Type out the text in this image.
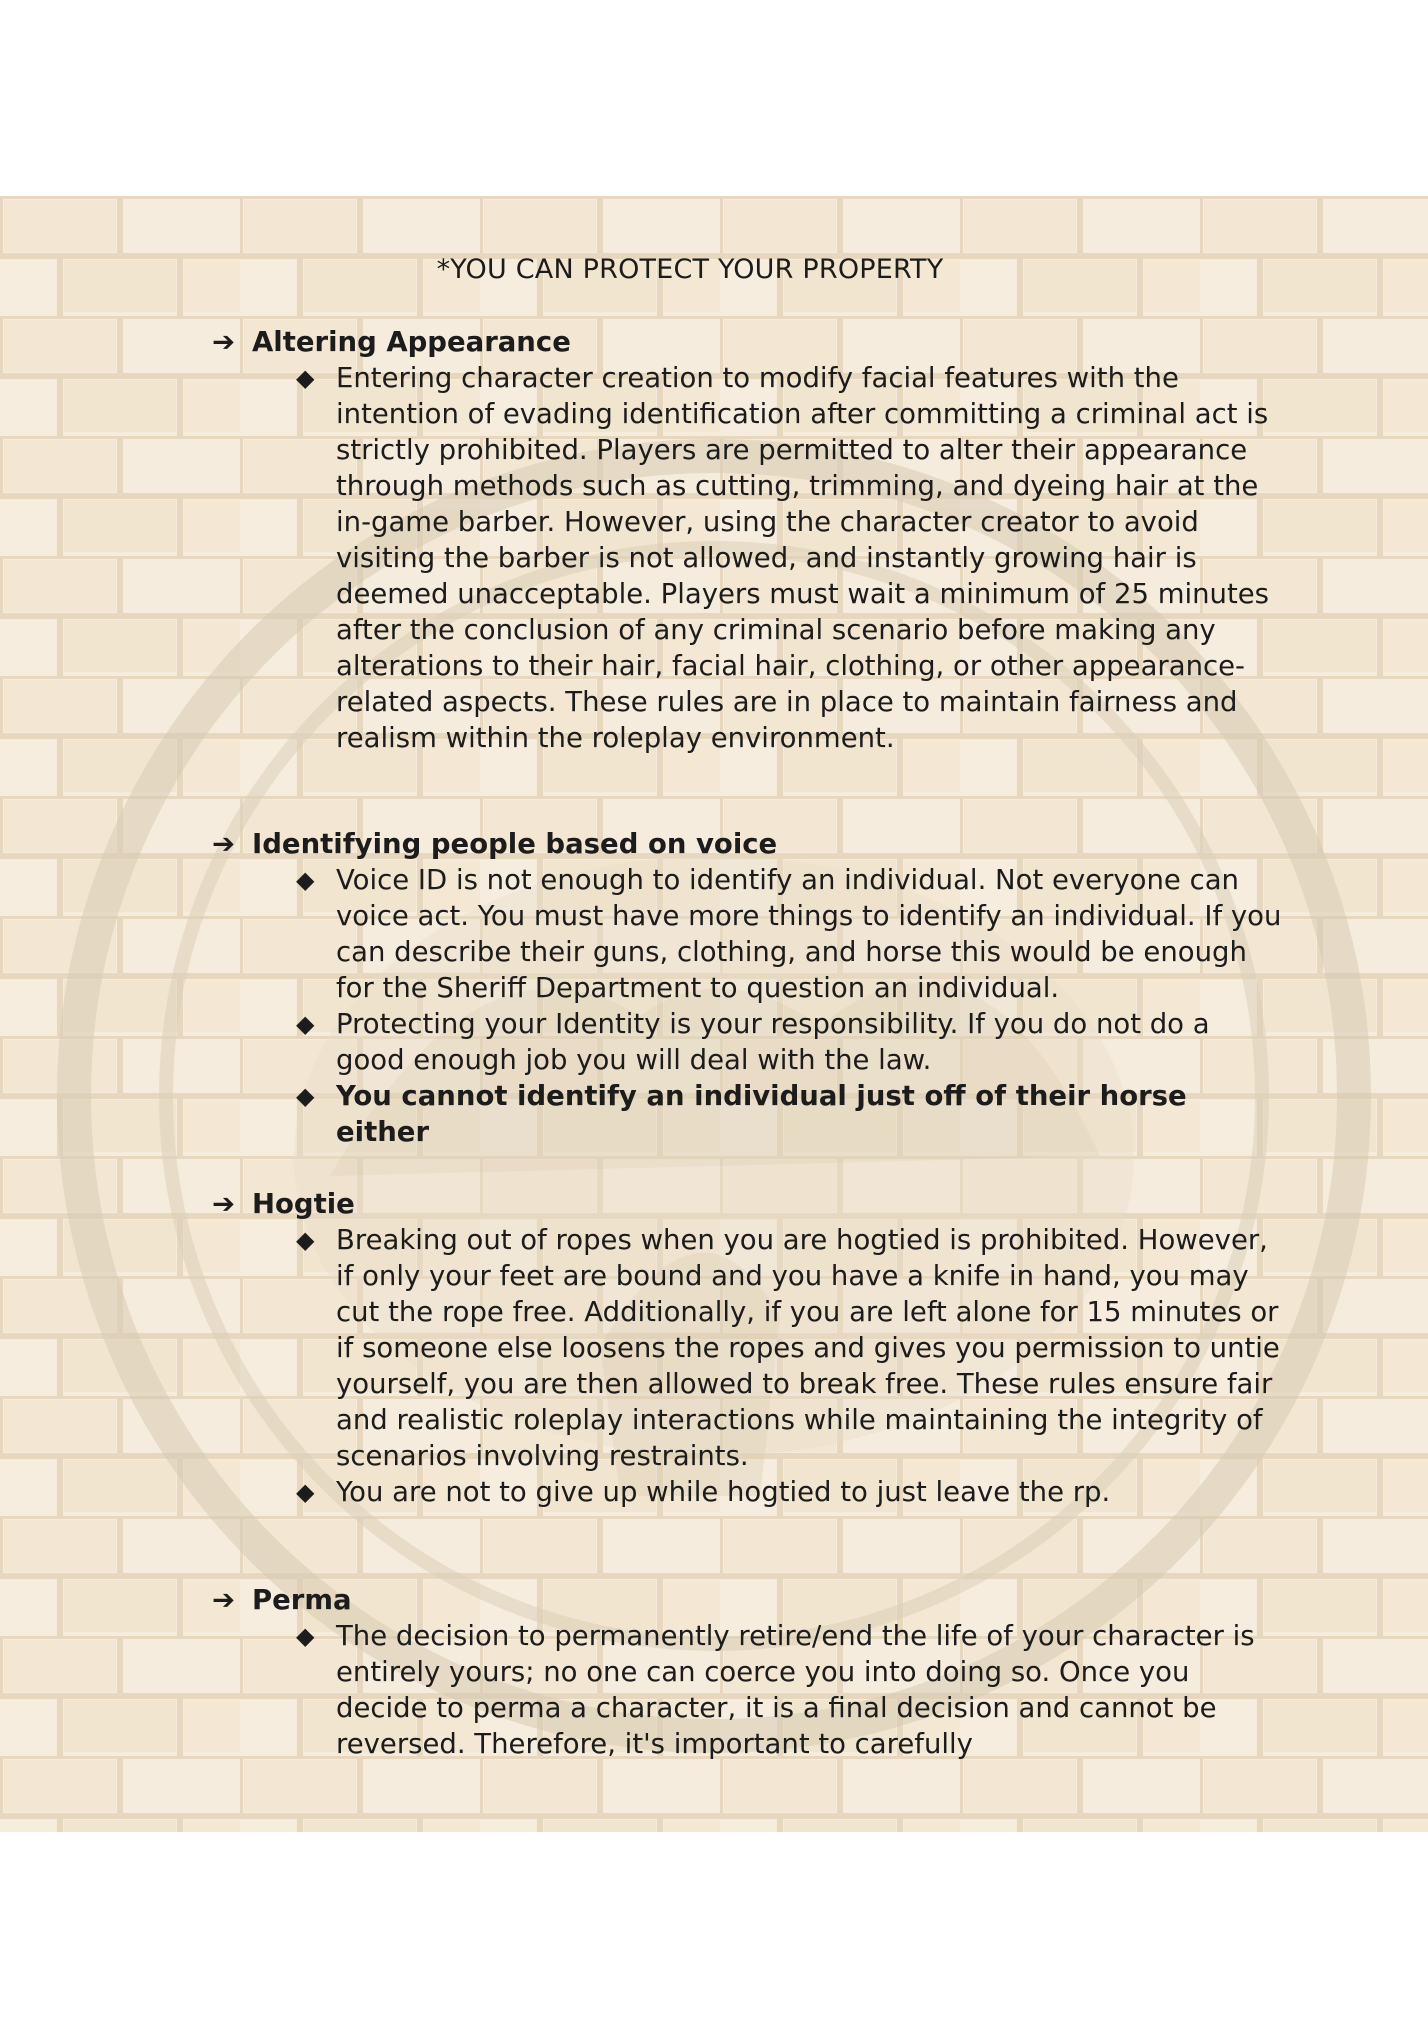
*YOU CAN PROTECT YOUR PROPERTY
➔ Altering Appearance
◆ Entering character creation to modify facial features with the intention of evading identification after committing a criminal act is strictly prohibited. Players are permitted to alter their appearance through methods such as cutting, trimming, and dyeing hair at the in-game barber. However, using the character creator to avoid visiting the barber is not allowed, and instantly growing hair is deemed unacceptable. Players must wait a minimum of 25 minutes after the conclusion of any criminal scenario before making any alterations to their hair, facial hair, clothing, or other appearance-related aspects. These rules are in place to maintain fairness and realism within the roleplay environment.
➔ Identifying people based on voice
◆ Voice ID is not enough to identify an individual. Not everyone can voice act. You must have more things to identify an individual. If you can describe their guns, clothing, and horse this would be enough for the Sheriff Department to question an individual.
◆ Protecting your Identity is your responsibility. If you do not do a good enough job you will deal with the law.
◆ You cannot identify an individual just off of their horse either
➔ Hogtie
◆ Breaking out of ropes when you are hogtied is prohibited. However, if only your feet are bound and you have a knife in hand, you may cut the rope free. Additionally, if you are left alone for 15 minutes or if someone else loosens the ropes and gives you permission to untie yourself, you are then allowed to break free. These rules ensure fair and realistic roleplay interactions while maintaining the integrity of scenarios involving restraints.
◆ You are not to give up while hogtied to just leave the rp.
➔ Perma
◆ The decision to permanently retire/end the life of your character is entirely yours; no one can coerce you into doing so. Once you decide to perma a character, it is a final decision and cannot be reversed. Therefore, it's important to carefully
